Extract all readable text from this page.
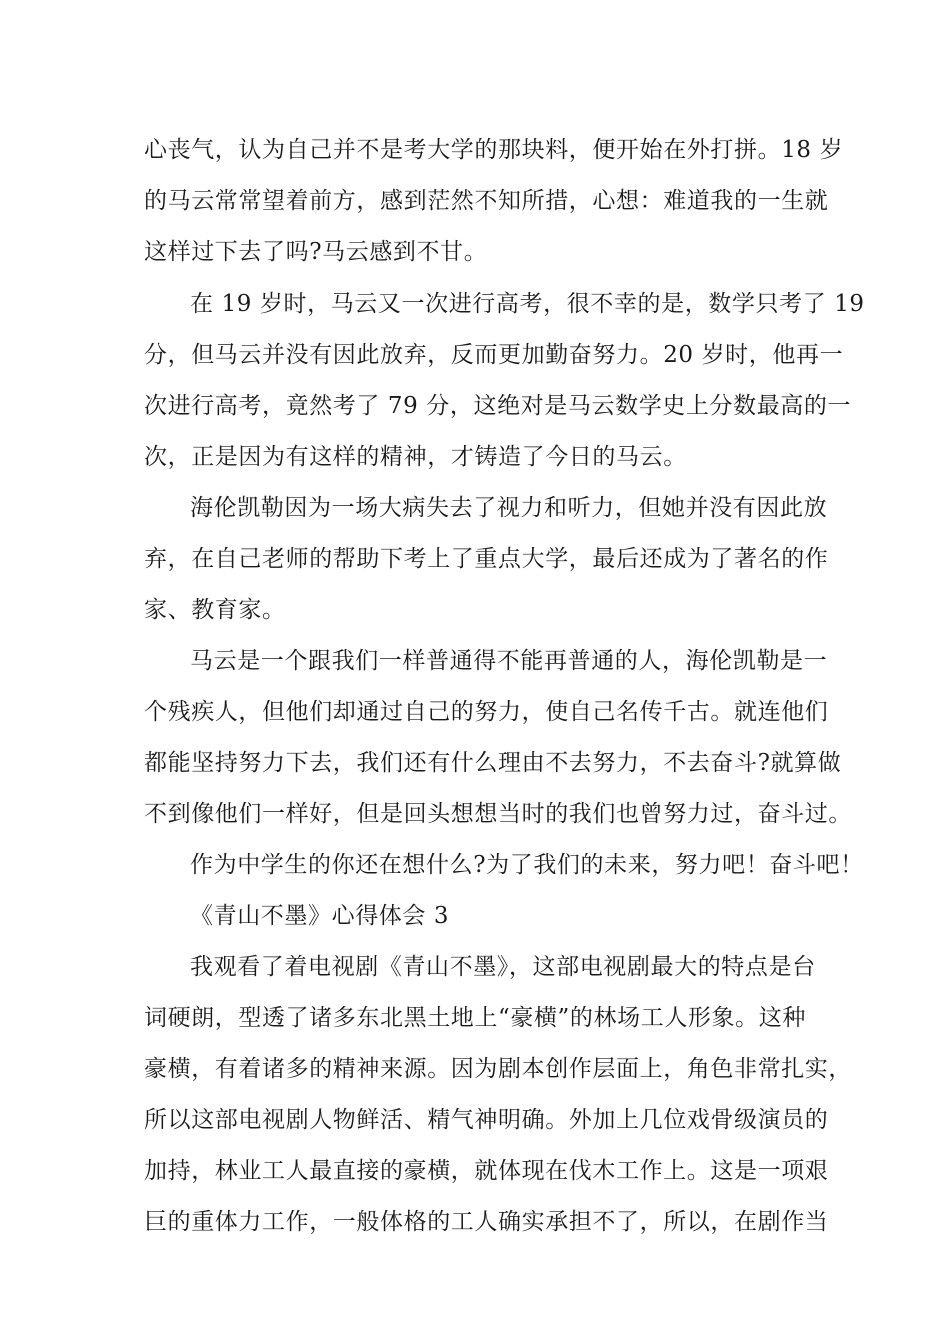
心丧气，认为自己并不是考大学的那块料，便开始在外打拼。18 岁
的马云常常望着前方，感到茫然不知所措，心想：难道我的一生就
这样过下去了吗?马云感到不甘。
在 19 岁时，马云又一次进行高考，很不幸的是，数学只考了 19
分，但马云并没有因此放弃，反而更加勤奋努力。20 岁时，他再一
次进行高考，竟然考了 79 分，这绝对是马云数学史上分数最高的一
次，正是因为有这样的精神，才铸造了今日的马云。
海伦凯勒因为一场大病失去了视力和听力，但她并没有因此放
弃，在自己老师的帮助下考上了重点大学，最后还成为了著名的作
家、教育家。
马云是一个跟我们一样普通得不能再普通的人，海伦凯勒是一
个残疾人，但他们却通过自己的努力，使自己名传千古。就连他们
都能坚持努力下去，我们还有什么理由不去努力，不去奋斗?就算做
不到像他们一样好，但是回头想想当时的我们也曾努力过，奋斗过。
作为中学生的你还在想什么?为了我们的未来，努力吧！奋斗吧！
《青山不墨》心得体会 3
我观看了着电视剧《青山不墨》，这部电视剧最大的特点是台
词硬朗，型透了诸多东北黑土地上“豪横”的林场工人形象。这种
豪横，有着诸多的精神来源。因为剧本创作层面上，角色非常扎实，
所以这部电视剧人物鲜活、精气神明确。外加上几位戏骨级演员的
加持，林业工人最直接的豪横，就体现在伐木工作上。这是一项艰
巨的重体力工作，一般体格的工人确实承担不了，所以，在剧作当
